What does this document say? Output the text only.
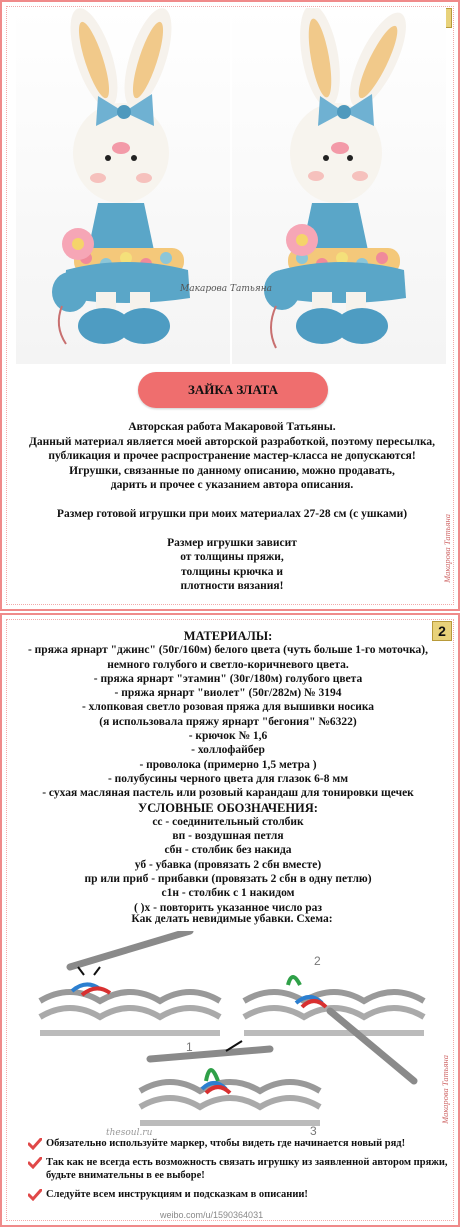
Макарова Татьяна
ЗАЙКА ЗЛАТА

Авторская работа Макаровой Татьяны.

Данный материал является моей авторской разработкой, поэтому пересылка,

публикация и прочее распространение мастер-класса не допускаются!

Игрушки, связанные по данному описанию, можно продавать,

дарить и прочее с указанием автора описания.

Размер готовой игрушки при моих материалах 27-28 см (с ушками)

Размер игрушки зависит

от толщины пряжи,

толщины крючка и

плотности вязания!

Макарова Татьяна
2

МАТЕРИАЛЫ:

- пряжа ярнарт "джинс" (50г/160м) белого цвета (чуть больше 1-го моточка),

немного голубого и светло-коричневого цвета.

- пряжа ярнарт "этамин" (30г/180м) голубого цвета

- пряжа ярнарт "виолет" (50г/282м) № 3194

- хлопковая светло розовая пряжа для вышивки носика

(я использовала пряжу ярнарт "бегония" №6322)

- крючок № 1,6

- холлофайбер

- проволока (примерно 1,5 метра )

- полубусины черного цвета для глазок 6-8 мм

- сухая масляная пастель или розовый карандаш для тонировки щечек

УСЛОВНЫЕ ОБОЗНАЧЕНИЯ:

сс - соединительный столбик

вп - воздушная петля

сбн - столбик без накида

уб - убавка (провязать 2 сбн вместе)

пр или приб - прибавки (провязать 2 сбн в одну петлю)

с1н - столбик с 1 накидом

( )х - повторить указанное число раз

Как делать невидимые убавки. Схема:
1
2
3
thesoul.ru
Обязательно используйте маркер, чтобы видеть где начинается новый ряд!
Так как не всегда есть возможность связать игрушку из заявленной автором пряжи, будьте внимательны в ее выборе!
Следуйте всем инструкциям и подсказкам в описании!
weibo.com/u/1590364031
Макарова Татьяна
